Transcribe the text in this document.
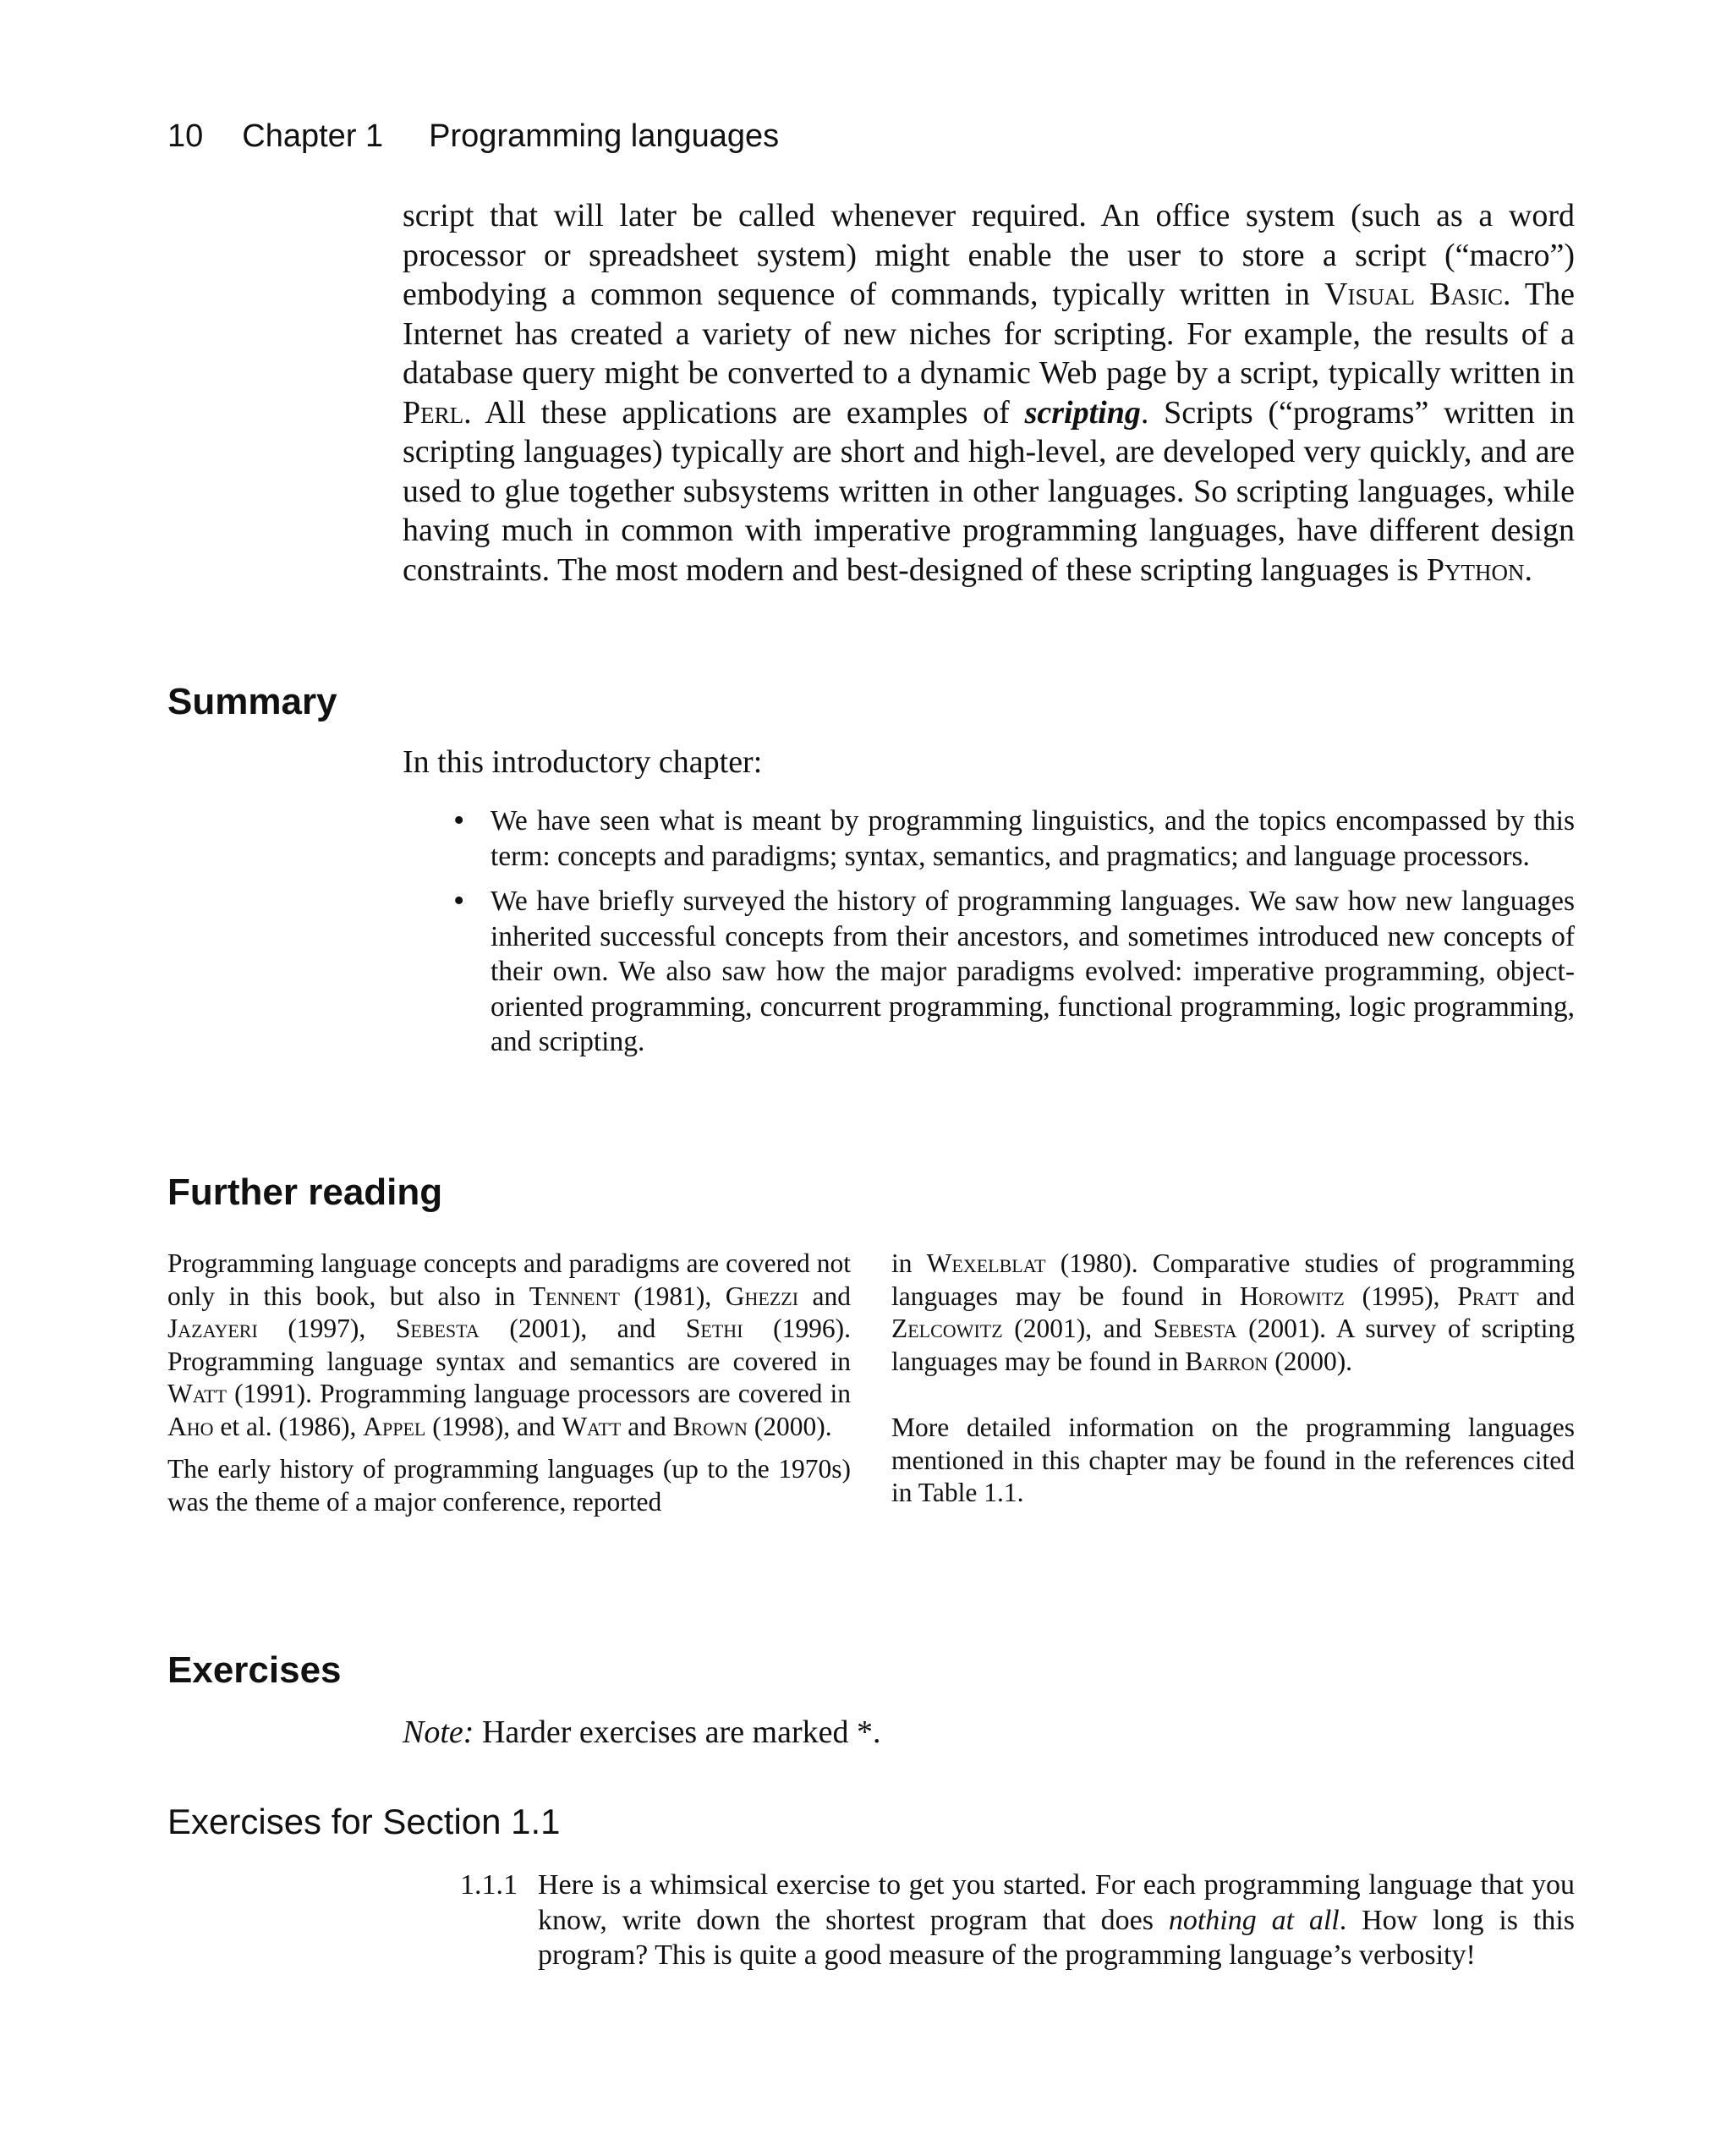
10 Chapter 1 Programming languages
script that will later be called whenever required. An office system (such as a word processor or spreadsheet system) might enable the user to store a script (“macro”) embodying a common sequence of commands, typically written in Visual Basic. The Internet has created a variety of new niches for scripting. For example, the results of a database query might be converted to a dynamic Web page by a script, typically written in Perl. All these applications are examples of scripting. Scripts (“programs” written in scripting languages) typically are short and high-level, are developed very quickly, and are used to glue together subsystems written in other languages. So scripting languages, while having much in common with imperative programming languages, have different design constraints. The most modern and best-designed of these scripting languages is Python.
Summary
In this introductory chapter:
• We have seen what is meant by programming linguistics, and the topics encompassed by this term: concepts and paradigms; syntax, semantics, and pragmatics; and language processors.
• We have briefly surveyed the history of programming languages. We saw how new languages inherited successful concepts from their ancestors, and sometimes introduced new concepts of their own. We also saw how the major paradigms evolved: imperative programming, object-oriented programming, concurrent programming, functional programming, logic programming, and scripting.
Further reading
Programming language concepts and paradigms are covered not only in this book, but also in Tennent (1981), Ghezzi and Jazayeri (1997), Sebesta (2001), and Sethi (1996). Programming language syntax and semantics are covered in Watt (1991). Programming language processors are covered in Aho et al. (1986), Appel (1998), and Watt and Brown (2000).
The early history of programming languages (up to the 1970s) was the theme of a major conference, reported
in Wexelblat (1980). Comparative studies of programming languages may be found in Horowitz (1995), Pratt and Zelcowitz (2001), and Sebesta (2001). A survey of scripting languages may be found in Barron (2000).
More detailed information on the programming languages mentioned in this chapter may be found in the references cited in Table 1.1.
Exercises
Note: Harder exercises are marked *.
Exercises for Section 1.1
1.1.1 Here is a whimsical exercise to get you started. For each programming language that you know, write down the shortest program that does nothing at all. How long is this program? This is quite a good measure of the programming language’s verbosity!
